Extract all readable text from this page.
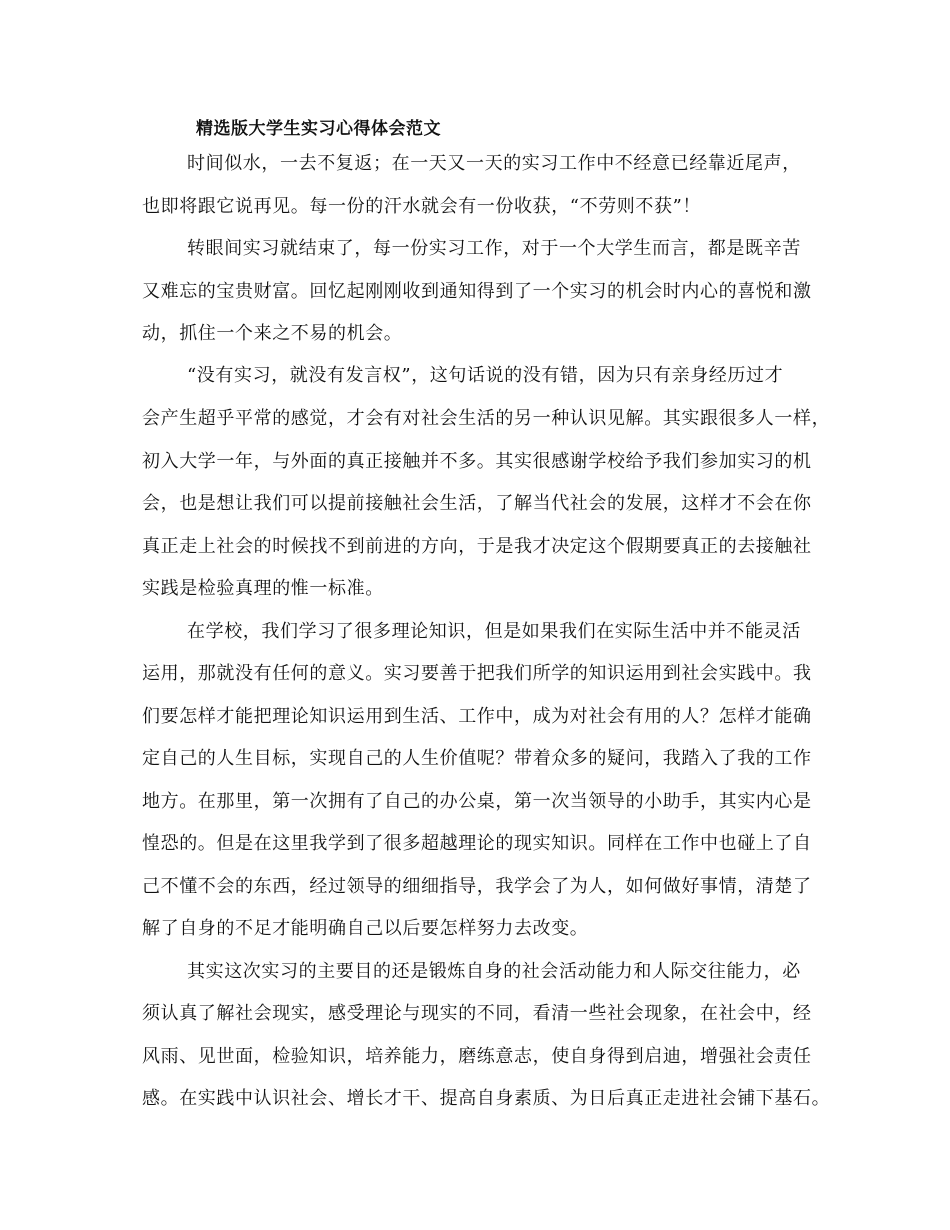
精选版大学生实习心得体会范文
时间似水，一去不复返；在一天又一天的实习工作中不经意已经靠近尾声，
也即将跟它说再见。每一份的汗水就会有一份收获，“不劳则不获”！
转眼间实习就结束了，每一份实习工作，对于一个大学生而言，都是既辛苦
又难忘的宝贵财富。回忆起刚刚收到通知得到了一个实习的机会时内心的喜悦和激
动，抓住一个来之不易的机会。
“没有实习，就没有发言权”，这句话说的没有错，因为只有亲身经历过才
会产生超乎平常的感觉，才会有对社会生活的另一种认识见解。其实跟很多人一样，
初入大学一年，与外面的真正接触并不多。其实很感谢学校给予我们参加实习的机
会，也是想让我们可以提前接触社会生活，了解当代社会的发展，这样才不会在你
真正走上社会的时候找不到前进的方向，于是我才决定这个假期要真正的去接触社
实践是检验真理的惟一标准。
在学校，我们学习了很多理论知识，但是如果我们在实际生活中并不能灵活
运用，那就没有任何的意义。实习要善于把我们所学的知识运用到社会实践中。我
们要怎样才能把理论知识运用到生活、工作中，成为对社会有用的人？怎样才能确
定自己的人生目标，实现自己的人生价值呢？带着众多的疑问，我踏入了我的工作
地方。在那里，第一次拥有了自己的办公桌，第一次当领导的小助手，其实内心是
惶恐的。但是在这里我学到了很多超越理论的现实知识。同样在工作中也碰上了自
己不懂不会的东西，经过领导的细细指导，我学会了为人，如何做好事情，清楚了
解了自身的不足才能明确自己以后要怎样努力去改变。
其实这次实习的主要目的还是锻炼自身的社会活动能力和人际交往能力，必
须认真了解社会现实，感受理论与现实的不同，看清一些社会现象，在社会中，经
风雨、见世面，检验知识，培养能力，磨练意志，使自身得到启迪，增强社会责任
感。在实践中认识社会、增长才干、提高自身素质、为日后真正走进社会铺下基石。
